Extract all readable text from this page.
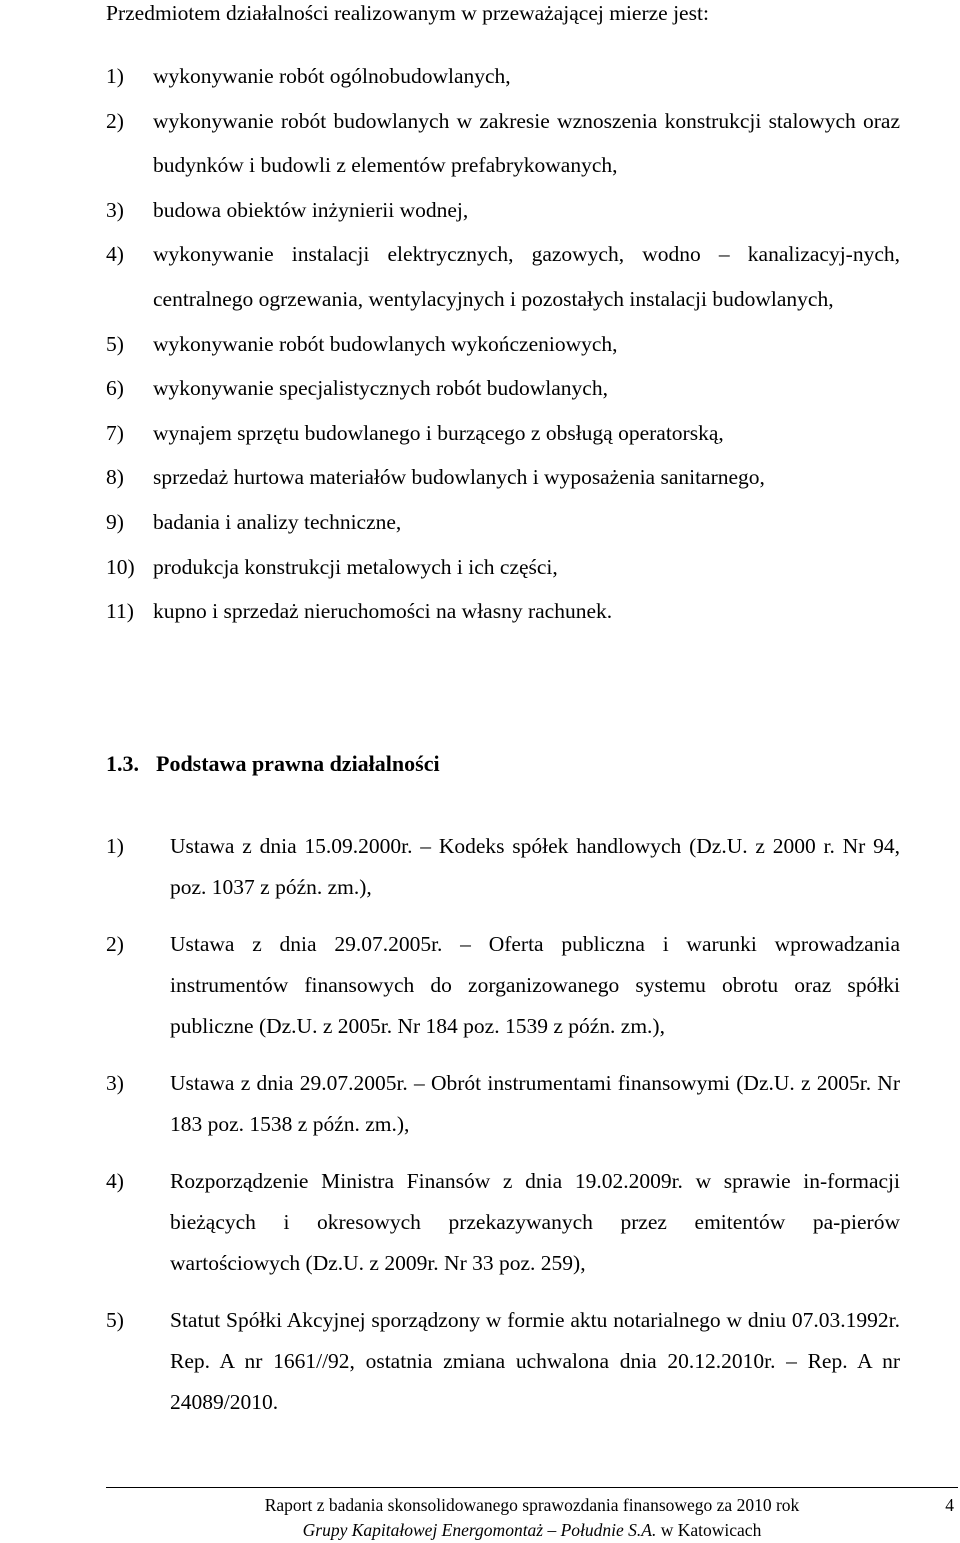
Przedmiotem działalności realizowanym w przeważającej mierze jest:
1)	wykonywanie robót ogólnobudowlanych,
2)	wykonywanie robót budowlanych w zakresie wznoszenia konstrukcji stalowych oraz budynków i budowli z elementów prefabrykowanych,
3)	budowa obiektów inżynierii wodnej,
4)	wykonywanie instalacji elektrycznych, gazowych, wodno – kanalizacyj-nych, centralnego ogrzewania, wentylacyjnych i pozostałych instalacji budowlanych,
5)	wykonywanie robót budowlanych wykończeniowych,
6)	wykonywanie specjalistycznych robót budowlanych,
7)	wynajem sprzętu budowlanego i burzącego z obsługą operatorską,
8)	sprzedaż hurtowa materiałów budowlanych i wyposażenia sanitarnego,
9)	badania i analizy techniczne,
10) produkcja konstrukcji metalowych i ich części,
11) kupno i sprzedaż nieruchomości na własny rachunek.
1.3. Podstawa prawna działalności
1)	Ustawa z dnia 15.09.2000r. – Kodeks spółek handlowych (Dz.U. z 2000 r. Nr 94, poz. 1037 z późn. zm.),
2)	Ustawa z dnia 29.07.2005r. – Oferta publiczna i warunki wprowadzania instrumentów finansowych do zorganizowanego systemu obrotu oraz spółki publiczne (Dz.U. z 2005r. Nr 184 poz. 1539 z późn. zm.),
3)	Ustawa z dnia 29.07.2005r. – Obrót instrumentami finansowymi (Dz.U. z 2005r. Nr 183 poz. 1538 z późn. zm.),
4)	Rozporządzenie Ministra Finansów z dnia 19.02.2009r. w sprawie in-formacji bieżących i okresowych przekazywanych przez emitentów pa-pierów wartościowych (Dz.U. z 2009r. Nr 33 poz. 259),
5)	Statut Spółki Akcyjnej sporządzony w formie aktu notarialnego w dniu 07.03.1992r. Rep. A nr 1661//92, ostatnia zmiana uchwalona dnia 20.12.2010r. – Rep. A nr 24089/2010.
Raport z badania skonsolidowanego sprawozdania finansowego za 2010 rok
Grupy Kapitałowej Energomontaż – Południe S.A. w Katowicach
4
